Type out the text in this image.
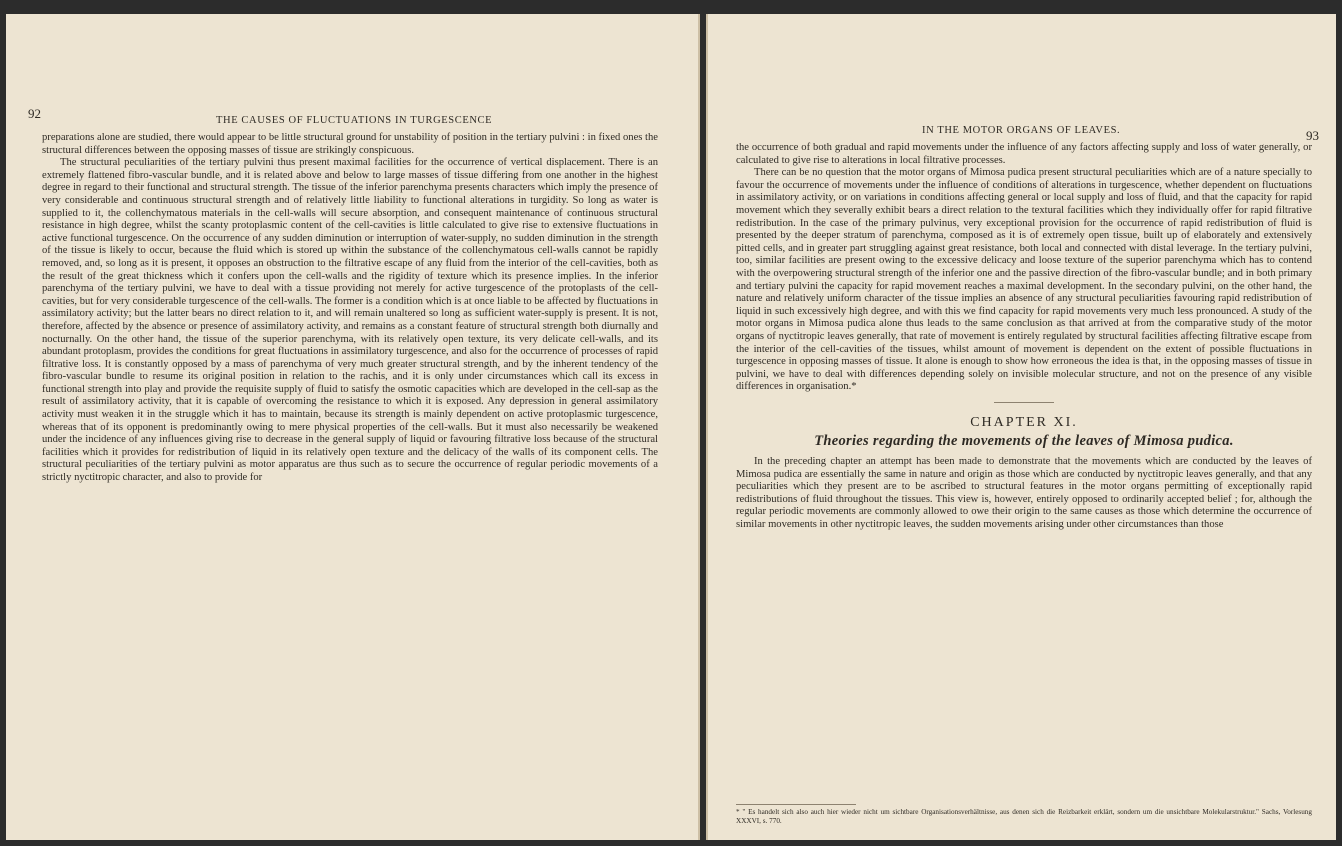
92	THE CAUSES OF FLUCTUATIONS IN TURGESCENCE

preparations alone are studied, there would appear to be little structural ground for unstability of position in the tertiary pulvini : in fixed ones the structural differences between the opposing masses of tissue are strikingly conspicuous.

The structural peculiarities of the tertiary pulvini thus present maximal facilities for the occurrence of vertical displacement. There is an extremely flattened fibro-vascular bundle, and it is related above and below to large masses of tissue differing from one another in the highest degree in regard to their functional and structural strength. The tissue of the inferior parenchyma presents characters which imply the presence of very considerable and continuous structural strength and of relatively little liability to functional alterations in turgidity. So long as water is supplied to it, the collenchymatous materials in the cell-walls will secure absorption, and consequent maintenance of continuous structural resistance in high degree, whilst the scanty protoplasmic content of the cell-cavities is little calculated to give rise to extensive fluctuations in active functional turgescence. On the occurrence of any sudden diminution or interruption of water-supply, no sudden diminution in the strength of the tissue is likely to occur, because the fluid which is stored up within the substance of the collenchymatous cell-walls cannot be rapidly removed, and, so long as it is present, it opposes an obstruction to the filtrative escape of any fluid from the interior of the cell-cavities, both as the result of the great thickness which it confers upon the cell-walls and the rigidity of texture which its presence implies. In the inferior parenchyma of the tertiary pulvini, we have to deal with a tissue providing not merely for active turgescence of the protoplasts of the cell-cavities, but for very considerable turgescence of the cell-walls. The former is a condition which is at once liable to be affected by fluctuations in assimilatory activity; but the latter bears no direct relation to it, and will remain unaltered so long as sufficient water-supply is present. It is not, therefore, affected by the absence or presence of assimilatory activity, and remains as a constant feature of structural strength both diurnally and nocturnally. On the other hand, the tissue of the superior parenchyma, with its relatively open texture, its very delicate cell-walls, and its abundant protoplasm, provides the conditions for great fluctuations in assimilatory turgescence, and also for the occurrence of processes of rapid filtrative loss. It is constantly opposed by a mass of parenchyma of very much greater structural strength, and by the inherent tendency of the fibro-vascular bundle to resume its original position in relation to the rachis, and it is only under circumstances which call its excess in functional strength into play and provide the requisite supply of fluid to satisfy the osmotic capacities which are developed in the cell-sap as the result of assimilatory activity, that it is capable of overcoming the resistance to which it is exposed. Any depression in general assimilatory activity must weaken it in the struggle which it has to maintain, because its strength is mainly dependent on active protoplasmic turgescence, whereas that of its opponent is predominantly owing to mere physical properties of the cell-walls. But it must also necessarily be weakened under the incidence of any influences giving rise to decrease in the general supply of liquid or favouring filtrative loss because of the structural facilities which it provides for redistribution of liquid in its relatively open texture and the delicacy of the walls of its component cells. The structural peculiarities of the tertiary pulvini as motor apparatus are thus such as to secure the occurrence of regular periodic movements of a strictly nyctitropic character, and also to provide for

IN THE MOTOR ORGANS OF LEAVES.	93

the occurrence of both gradual and rapid movements under the influence of any factors affecting supply and loss of water generally, or calculated to give rise to alterations in local filtrative processes.

There can be no question that the motor organs of Mimosa pudica present structural peculiarities which are of a nature specially to favour the occurrence of movements under the influence of conditions of alterations in turgescence, whether dependent on fluctuations in assimilatory activity, or on variations in conditions affecting general or local supply and loss of fluid, and that the capacity for rapid movement which they severally exhibit bears a direct relation to the textural facilities which they individually offer for rapid filtrative redistribution. In the case of the primary pulvinus, very exceptional provision for the occurrence of rapid redistribution of fluid is presented by the deeper stratum of parenchyma, composed as it is of extremely open tissue, built up of elaborately and extensively pitted cells, and in greater part struggling against great resistance, both local and connected with distal leverage. In the tertiary pulvini, too, similar facilities are present owing to the excessive delicacy and loose texture of the superior parenchyma which has to contend with the overpowering structural strength of the inferior one and the passive direction of the fibro-vascular bundle; and in both primary and tertiary pulvini the capacity for rapid movement reaches a maximal development. In the secondary pulvini, on the other hand, the nature and relatively uniform character of the tissue implies an absence of any structural peculiarities favouring rapid redistribution of liquid in such excessively high degree, and with this we find capacity for rapid movements very much less pronounced. A study of the motor organs in Mimosa pudica alone thus leads to the same conclusion as that arrived at from the comparative study of the motor organs of nyctitropic leaves generally, that rate of movement is entirely regulated by structural facilities affecting filtrative escape from the interior of the cell-cavities of the tissues, whilst amount of movement is dependent on the extent of possible fluctuations in turgescence in opposing masses of tissue. It alone is enough to show how erroneous the idea is that, in the opposing masses of tissue in pulvini, we have to deal with differences depending solely on invisible molecular structure, and not on the presence of any visible differences in organisation.*

CHAPTER XI.
Theories regarding the movements of the leaves of Mimosa pudica.

In the preceding chapter an attempt has been made to demonstrate that the movements which are conducted by the leaves of Mimosa pudica are essentially the same in nature and origin as those which are conducted by nyctitropic leaves generally, and that any peculiarities which they present are to be ascribed to structural features in the motor organs permitting of exceptionally rapid redistributions of fluid throughout the tissues. This view is, however, entirely opposed to ordinarily accepted belief ; for, although the regular periodic movements are commonly allowed to owe their origin to the same causes as those which determine the occurrence of similar movements in other nyctitropic leaves, the sudden movements arising under other circumstances than those

* " Es handelt sich also auch hier wieder nicht um sichtbare Organisationsverhältnisse, aus denen sich die Reizbarkeit erklärt, sondern um die unsichtbare Molekularstruktur." Sachs, Vorlesung XXXVI, s. 770.
